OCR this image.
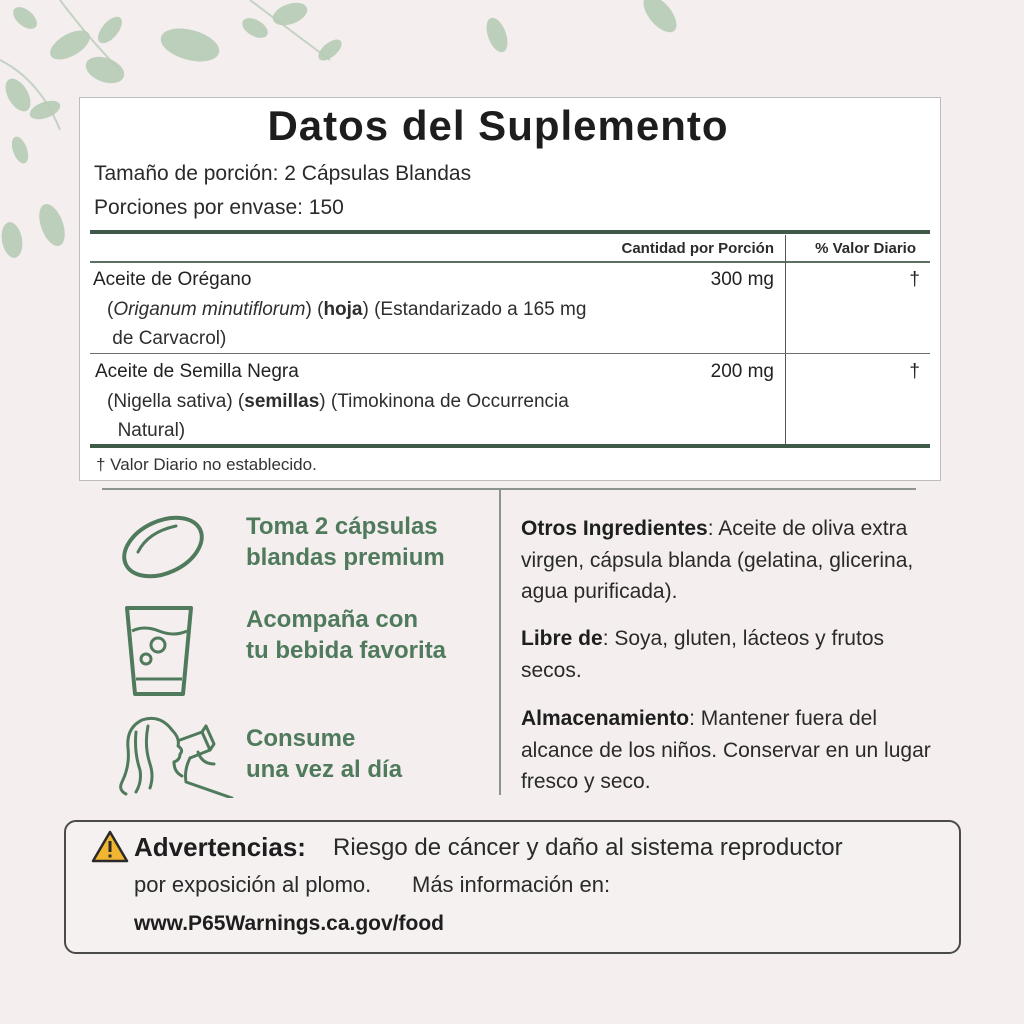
Datos del Suplemento
Tamaño de porción: 2 Cápsulas Blandas
Porciones por envase: 150
Cantidad por Porción	% Valor Diario
Aceite de Orégano	300 mg	†
(Origanum minutiflorum) (hoja) (Estandarizado a 165 mg
de Carvacrol)
Aceite de Semilla Negra	200 mg	†
(Nigella sativa) (semillas) (Timokinona de Occurrencia
Natural)
† Valor Diario no establecido.
Toma 2 cápsulas
blandas premium
Acompaña con
tu bebida favorita
Consume
una vez al día
Otros Ingredientes: Aceite de oliva extra virgen, cápsula blanda (gelatina, glicerina, agua purificada).
Libre de: Soya, gluten, lácteos y frutos secos.
Almacenamiento: Mantener fuera del alcance de los niños. Conservar en un lugar fresco y seco.
Advertencias: Riesgo de cáncer y daño al sistema reproductor
por exposición al plomo. Más información en:
www.P65Warnings.ca.gov/food
